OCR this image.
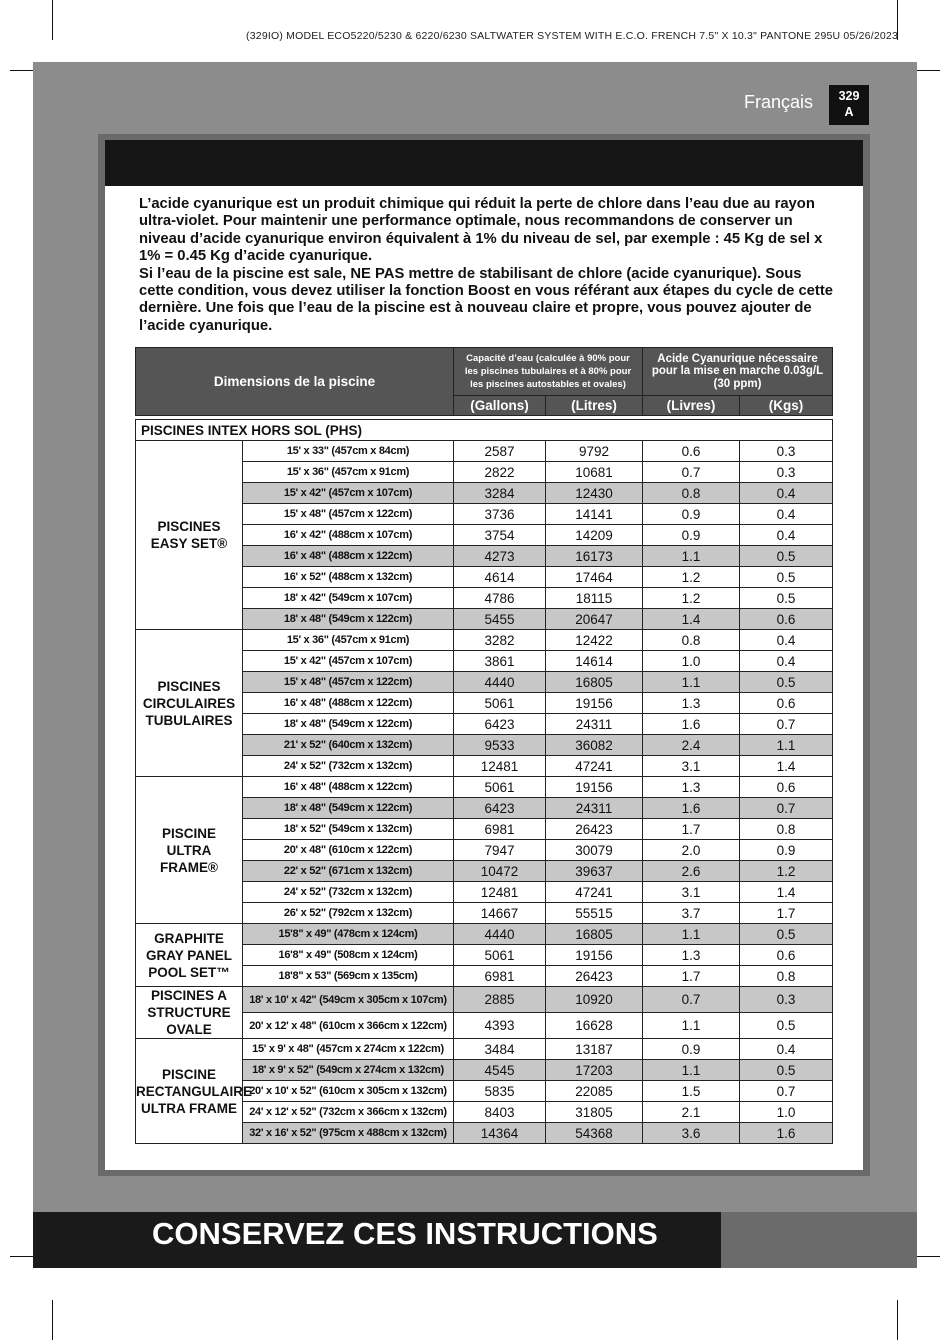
(329IO) MODEL ECO5220/5230 & 6220/6230 SALTWATER SYSTEM WITH E.C.O. FRENCH 7.5" X 10.3" PANTONE 295U 05/26/2023
Français	329
A

L’acide cyanurique est un produit chimique qui réduit la perte de chlore dans l’eau due au rayon ultra-violet. Pour maintenir une performance optimale, nous recommandons de conserver un niveau d’acide cyanurique environ équivalent à 1% du niveau de sel, par exemple : 45 Kg de sel x 1% = 0.45 Kg d’acide cyanurique.

Si l’eau de la piscine est sale, NE PAS mettre de stabilisant de chlore (acide cyanurique). Sous cette condition, vous devez utiliser la fonction Boost en vous référant aux étapes du cycle de cette dernière. Une fois que l’eau de la piscine est à nouveau claire et propre, vous pouvez ajouter de l’acide cyanurique.

Dimensions de la piscine		Capacité d’eau (calculée à 90% pour les piscines tubulaires et à 80% pour les piscines autostables et ovales)		Acide Cyanurique nécessaire pour la mise en marche 0.03g/L (30 ppm)	
		(Gallons)	(Litres)	(Livres)	(Kgs)

PISCINES INTEX HORS SOL (PHS)					

PISCINES
EASY SET®	15' x 33" (457cm x 84cm)	2587	9792	0.6	0.3
	15' x 36" (457cm x 91cm)	2822	10681	0.7	0.3
	15' x 42" (457cm x 107cm)	3284	12430	0.8	0.4
	15' x 48" (457cm x 122cm)	3736	14141	0.9	0.4
	16' x 42" (488cm x 107cm)	3754	14209	0.9	0.4
	16' x 48" (488cm x 122cm)	4273	16173	1.1	0.5
	16' x 52" (488cm x 132cm)	4614	17464	1.2	0.5
	18' x 42" (549cm x 107cm)	4786	18115	1.2	0.5
	18' x 48" (549cm x 122cm)	5455	20647	1.4	0.6

PISCINES
CIRCULAIRES
TUBULAIRES	15' x 36" (457cm x 91cm)	3282	12422	0.8	0.4
	15' x 42" (457cm x 107cm)	3861	14614	1.0	0.4
	15' x 48" (457cm x 122cm)	4440	16805	1.1	0.5
	16' x 48" (488cm x 122cm)	5061	19156	1.3	0.6
	18' x 48" (549cm x 122cm)	6423	24311	1.6	0.7
	21' x 52" (640cm x 132cm)	9533	36082	2.4	1.1
	24' x 52" (732cm x 132cm)	12481	47241	3.1	1.4

PISCINE
ULTRA
FRAME®	16' x 48" (488cm x 122cm)	5061	19156	1.3	0.6
	18' x 48" (549cm x 122cm)	6423	24311	1.6	0.7
	18' x 52" (549cm x 132cm)	6981	26423	1.7	0.8
	20' x 48" (610cm x 122cm)	7947	30079	2.0	0.9
	22' x 52" (671cm x 132cm)	10472	39637	2.6	1.2
	24' x 52" (732cm x 132cm)	12481	47241	3.1	1.4
	26' x 52" (792cm x 132cm)	14667	55515	3.7	1.7

GRAPHITE
GRAY PANEL
POOL SET™	15'8" x 49" (478cm x 124cm)	4440	16805	1.1	0.5
	16'8" x 49" (508cm x 124cm)	5061	19156	1.3	0.6
	18'8" x 53" (569cm x 135cm)	6981	26423	1.7	0.8

PISCINES A
STRUCTURE
OVALE	18' x 10' x 42" (549cm x 305cm x 107cm)	2885	10920	0.7	0.3
	20' x 12' x 48" (610cm x 366cm x 122cm)	4393	16628	1.1	0.5

PISCINE
RECTANGULAIRE
ULTRA FRAME	15' x 9' x 48" (457cm x 274cm x 122cm)	3484	13187	0.9	0.4
	18' x 9' x 52" (549cm x 274cm x 132cm)	4545	17203	1.1	0.5
	20' x 10' x 52" (610cm x 305cm x 132cm)	5835	22085	1.5	0.7
	24' x 12' x 52" (732cm x 366cm x 132cm)	8403	31805	2.1	1.0
	32' x 16' x 52" (975cm x 488cm x 132cm)	14364	54368	3.6	1.6
CONSERVEZ CES INSTRUCTIONS
